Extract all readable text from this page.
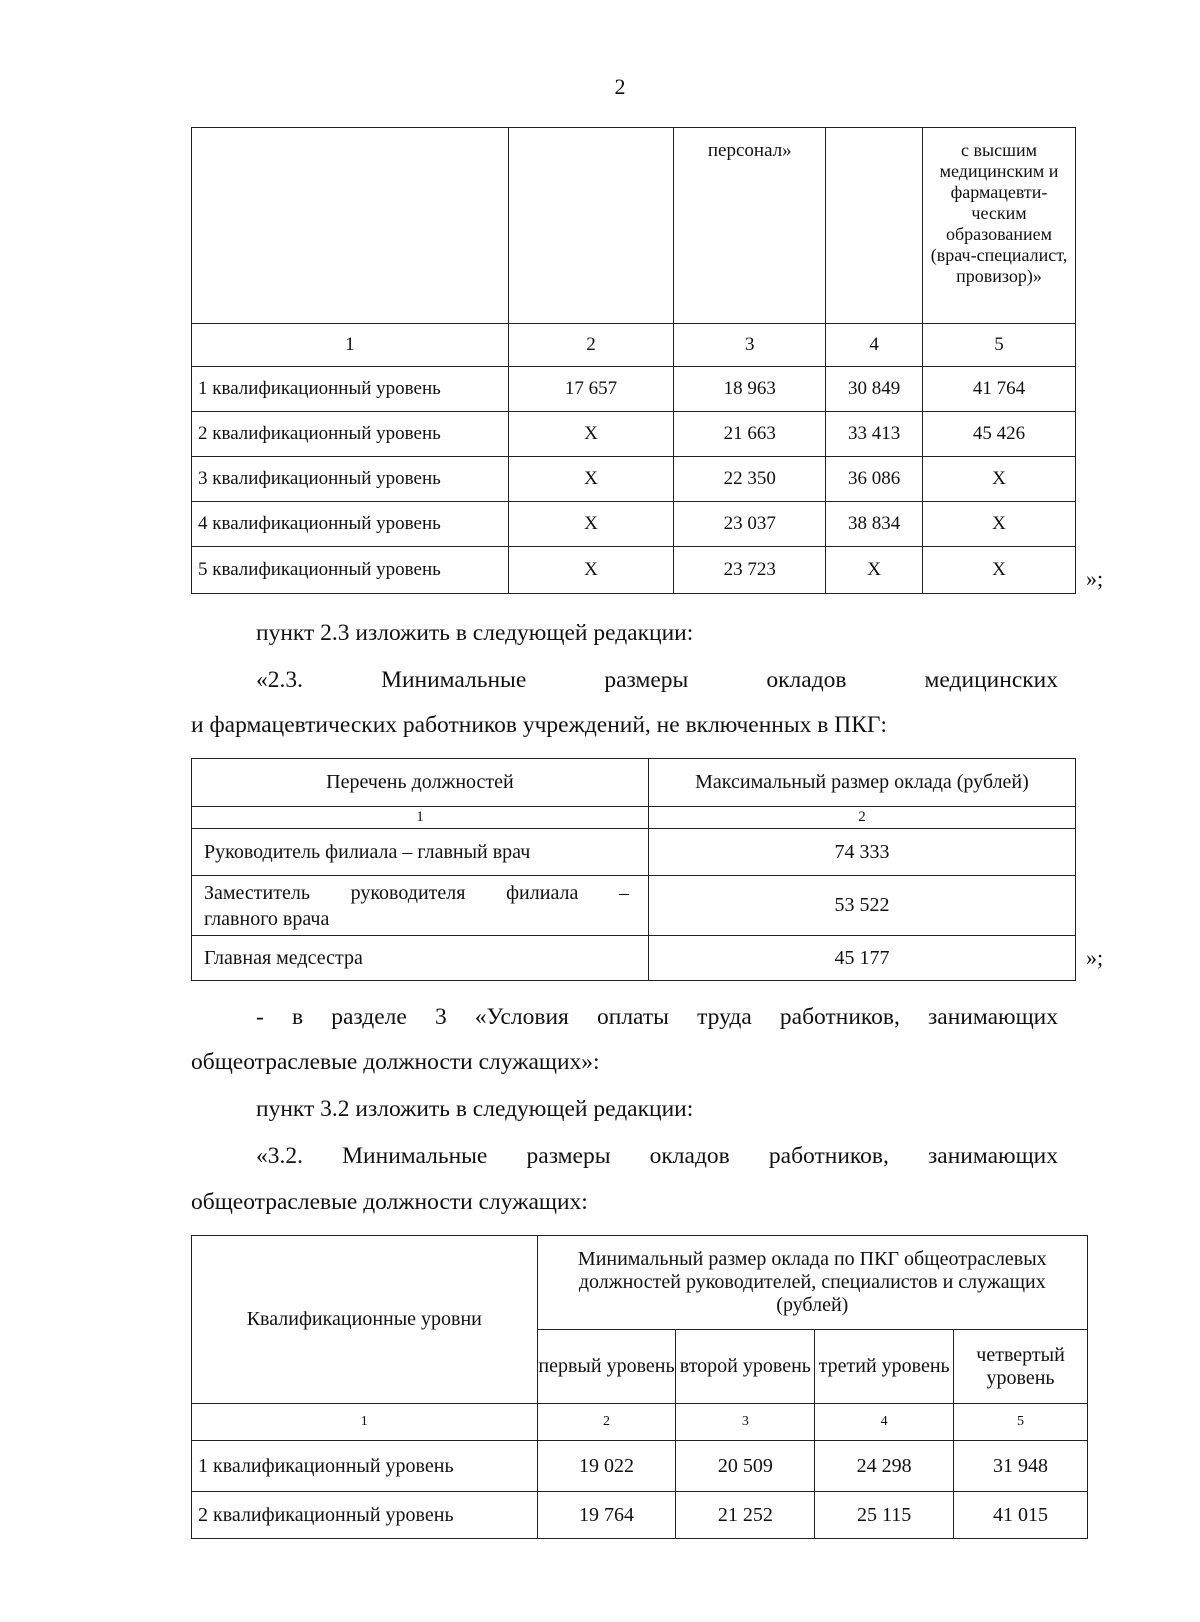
2
		персонал»		с высшим медицинским и фармацевти-ческим образованием (врач-специалист, провизор)»
1	2	3	4	5
1 квалификационный уровень	17 657	18 963	30 849	41 764
2 квалификационный уровень	Х	21 663	33 413	45 426
3 квалификационный уровень	Х	22 350	36 086	Х
4 квалификационный уровень	Х	23 037	38 834	Х
5 квалификационный уровень	Х	23 723	Х	Х	»;
пункт 2.3 изложить в следующей редакции:
«2.3. Минимальные размеры окладов медицинских
и фармацевтических работников учреждений, не включенных в ПКГ:
Перечень должностей	Максимальный размер оклада (рублей)
1	2
Руководитель филиала – главный врач	74 333

Заместитель руководителя филиала –
главного врача	53 522
Главная медсестра	45 177	»;
- в разделе 3 «Условия оплаты труда работников, занимающих
общеотраслевые должности служащих»:
пункт 3.2 изложить в следующей редакции:
«3.2. Минимальные размеры окладов работников, занимающих
общеотраслевые должности служащих:
Квалификационные уровни	Минимальный размер оклада по ПКГ общеотраслевых должностей руководителей, специалистов и служащих (рублей)			
	первый уровень	второй уровень	третий уровень	четвертый уровень
1	2	3	4	5
1 квалификационный уровень	19 022	20 509	24 298	31 948
2 квалификационный уровень	19 764	21 252	25 115	41 015
